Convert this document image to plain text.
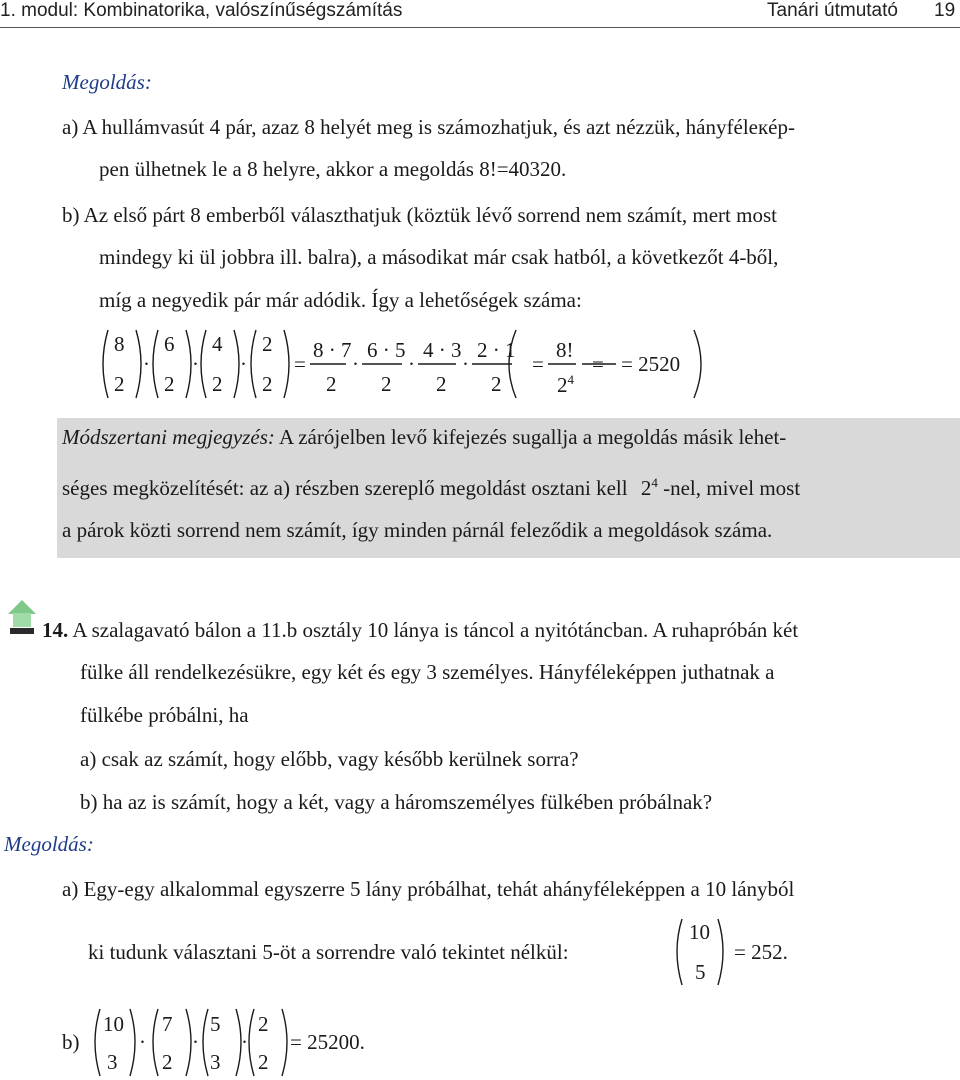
1. modul: Kombinatorika, valószínűségszámítás	Tanári útmutató 19
Megoldás:
a) A hullámvasút 4 pár, azaz 8 helyét meg is számozhatjuk, és azt nézzük, hányféleкép-
pen ülhetnek le a 8 helyre, akkor a megoldás 8!=40320.
b) Az első párt 8 emberből választhatjuk (köztük lévő sorrend nem számít, mert most
mindegy ki ül jobbra ill. balra), a másodikat már csak hatból, a következőt 4-ből,
míg a negyedik pár már adódik. Így a lehetőségek száma:
8
2
·
6
2
·
4
2
·
2
2
=
8 · 7
2
·
6 · 5
2
·
4 · 3
2
·
2 · 1
2
=
8!
$2^4$
= = 2520
Módszertani megjegyzés: A zárójelben levő kifejezés sugallja a megoldás másik lehet-
séges megközelítését: az a) részben szereplő megoldást osztani kell $2^4$ -nel, mivel most
a párok közti sorrend nem számít, így minden párnál feleződik a megoldások száma.
14. A szalagavató bálon a 11.b osztály 10 lánya is táncol a nyitótáncban. A ruhapróbán két
fülke áll rendelkezésükre, egy két és egy 3 személyes. Hányféleképpen juthatnak a
fülkébe próbálni, ha
a) csak az számít, hogy előbb, vagy később kerülnek sorra?
b) ha az is számít, hogy a két, vagy a háromszemélyes fülkében próbálnak?
Megoldás:
a) Egy-egy alkalommal egyszerre 5 lány próbálhat, tehát ahányféleképpen a 10 lányból
ki tudunk választani 5-öt a sorrendre való tekintet nélkül:
10
5
= 252.
b)
10
3
·
7
2
·
5
3
·
2
2
= 25200.
